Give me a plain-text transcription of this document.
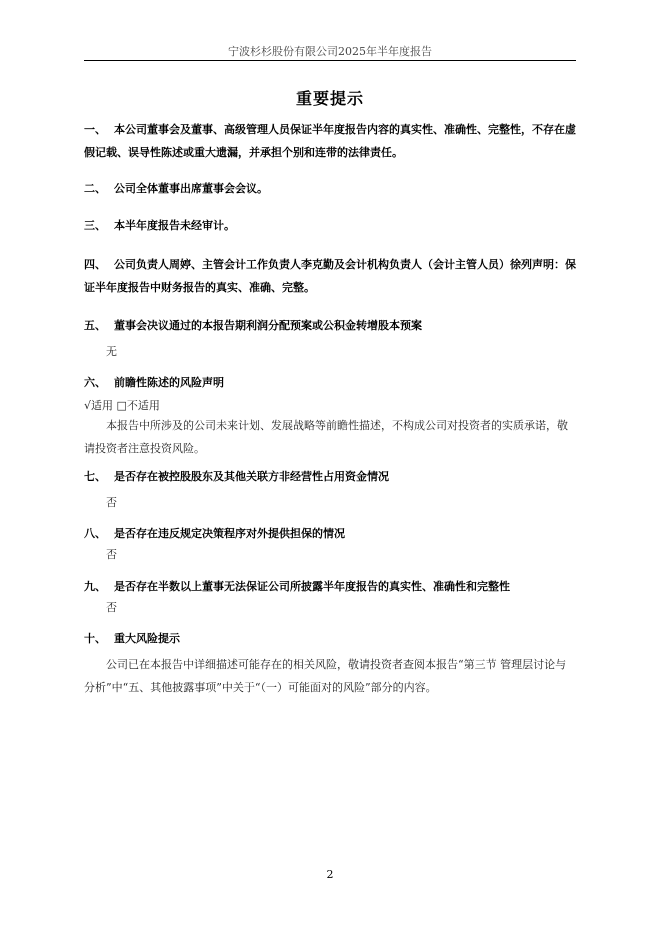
宁波杉杉股份有限公司2025年半年度报告
重要提示
一、 本公司董事会及董事、高级管理人员保证半年度报告内容的真实性、准确性、完整性，不存在虚假记载、误导性陈述或重大遗漏，并承担个别和连带的法律责任。
二、 公司全体董事出席董事会会议。
三、 本半年度报告未经审计。
四、 公司负责人周婷、主管会计工作负责人李克勤及会计机构负责人（会计主管人员）徐列声明：保证半年度报告中财务报告的真实、准确、完整。
五、 董事会决议通过的本报告期利润分配预案或公积金转增股本预案
无
六、 前瞻性陈述的风险声明
√适用 □不适用
本报告中所涉及的公司未来计划、发展战略等前瞻性描述，不构成公司对投资者的实质承诺，敬请投资者注意投资风险。
七、 是否存在被控股股东及其他关联方非经营性占用资金情况
否
八、 是否存在违反规定决策程序对外提供担保的情况
否
九、 是否存在半数以上董事无法保证公司所披露半年度报告的真实性、准确性和完整性
否
十、 重大风险提示
公司已在本报告中详细描述可能存在的相关风险，敬请投资者查阅本报告“第三节 管理层讨论与分析”中“五、其他披露事项”中关于“（一）可能面对的风险”部分的内容。
2
